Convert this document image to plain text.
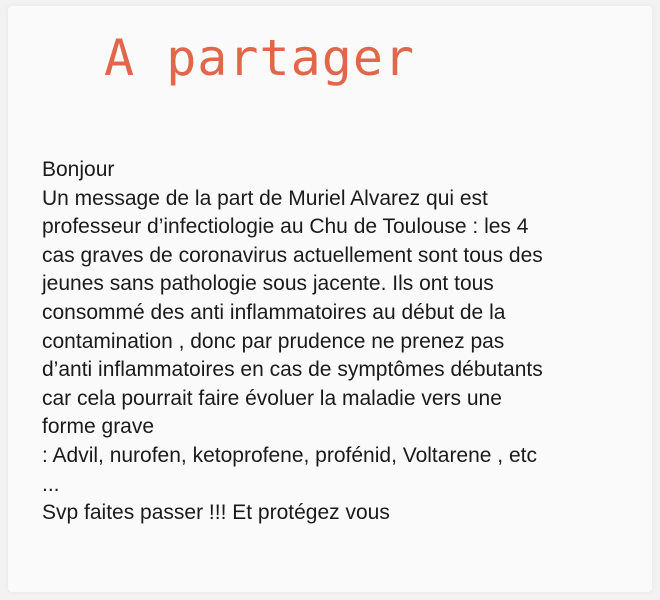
A partager
Bonjour
Un message de la part de Muriel Alvarez qui est
professeur d’infectiologie au Chu de Toulouse : les 4
cas graves de coronavirus actuellement sont tous des
jeunes sans pathologie sous jacente. Ils ont tous
consommé des anti inflammatoires au début de la
contamination , donc par prudence ne prenez pas
d’anti inflammatoires en cas de symptômes débutants
car cela pourrait faire évoluer la maladie vers une
forme grave
: Advil, nurofen, ketoprofene, profénid, Voltarene , etc
...
Svp faites passer !!! Et protégez vous
